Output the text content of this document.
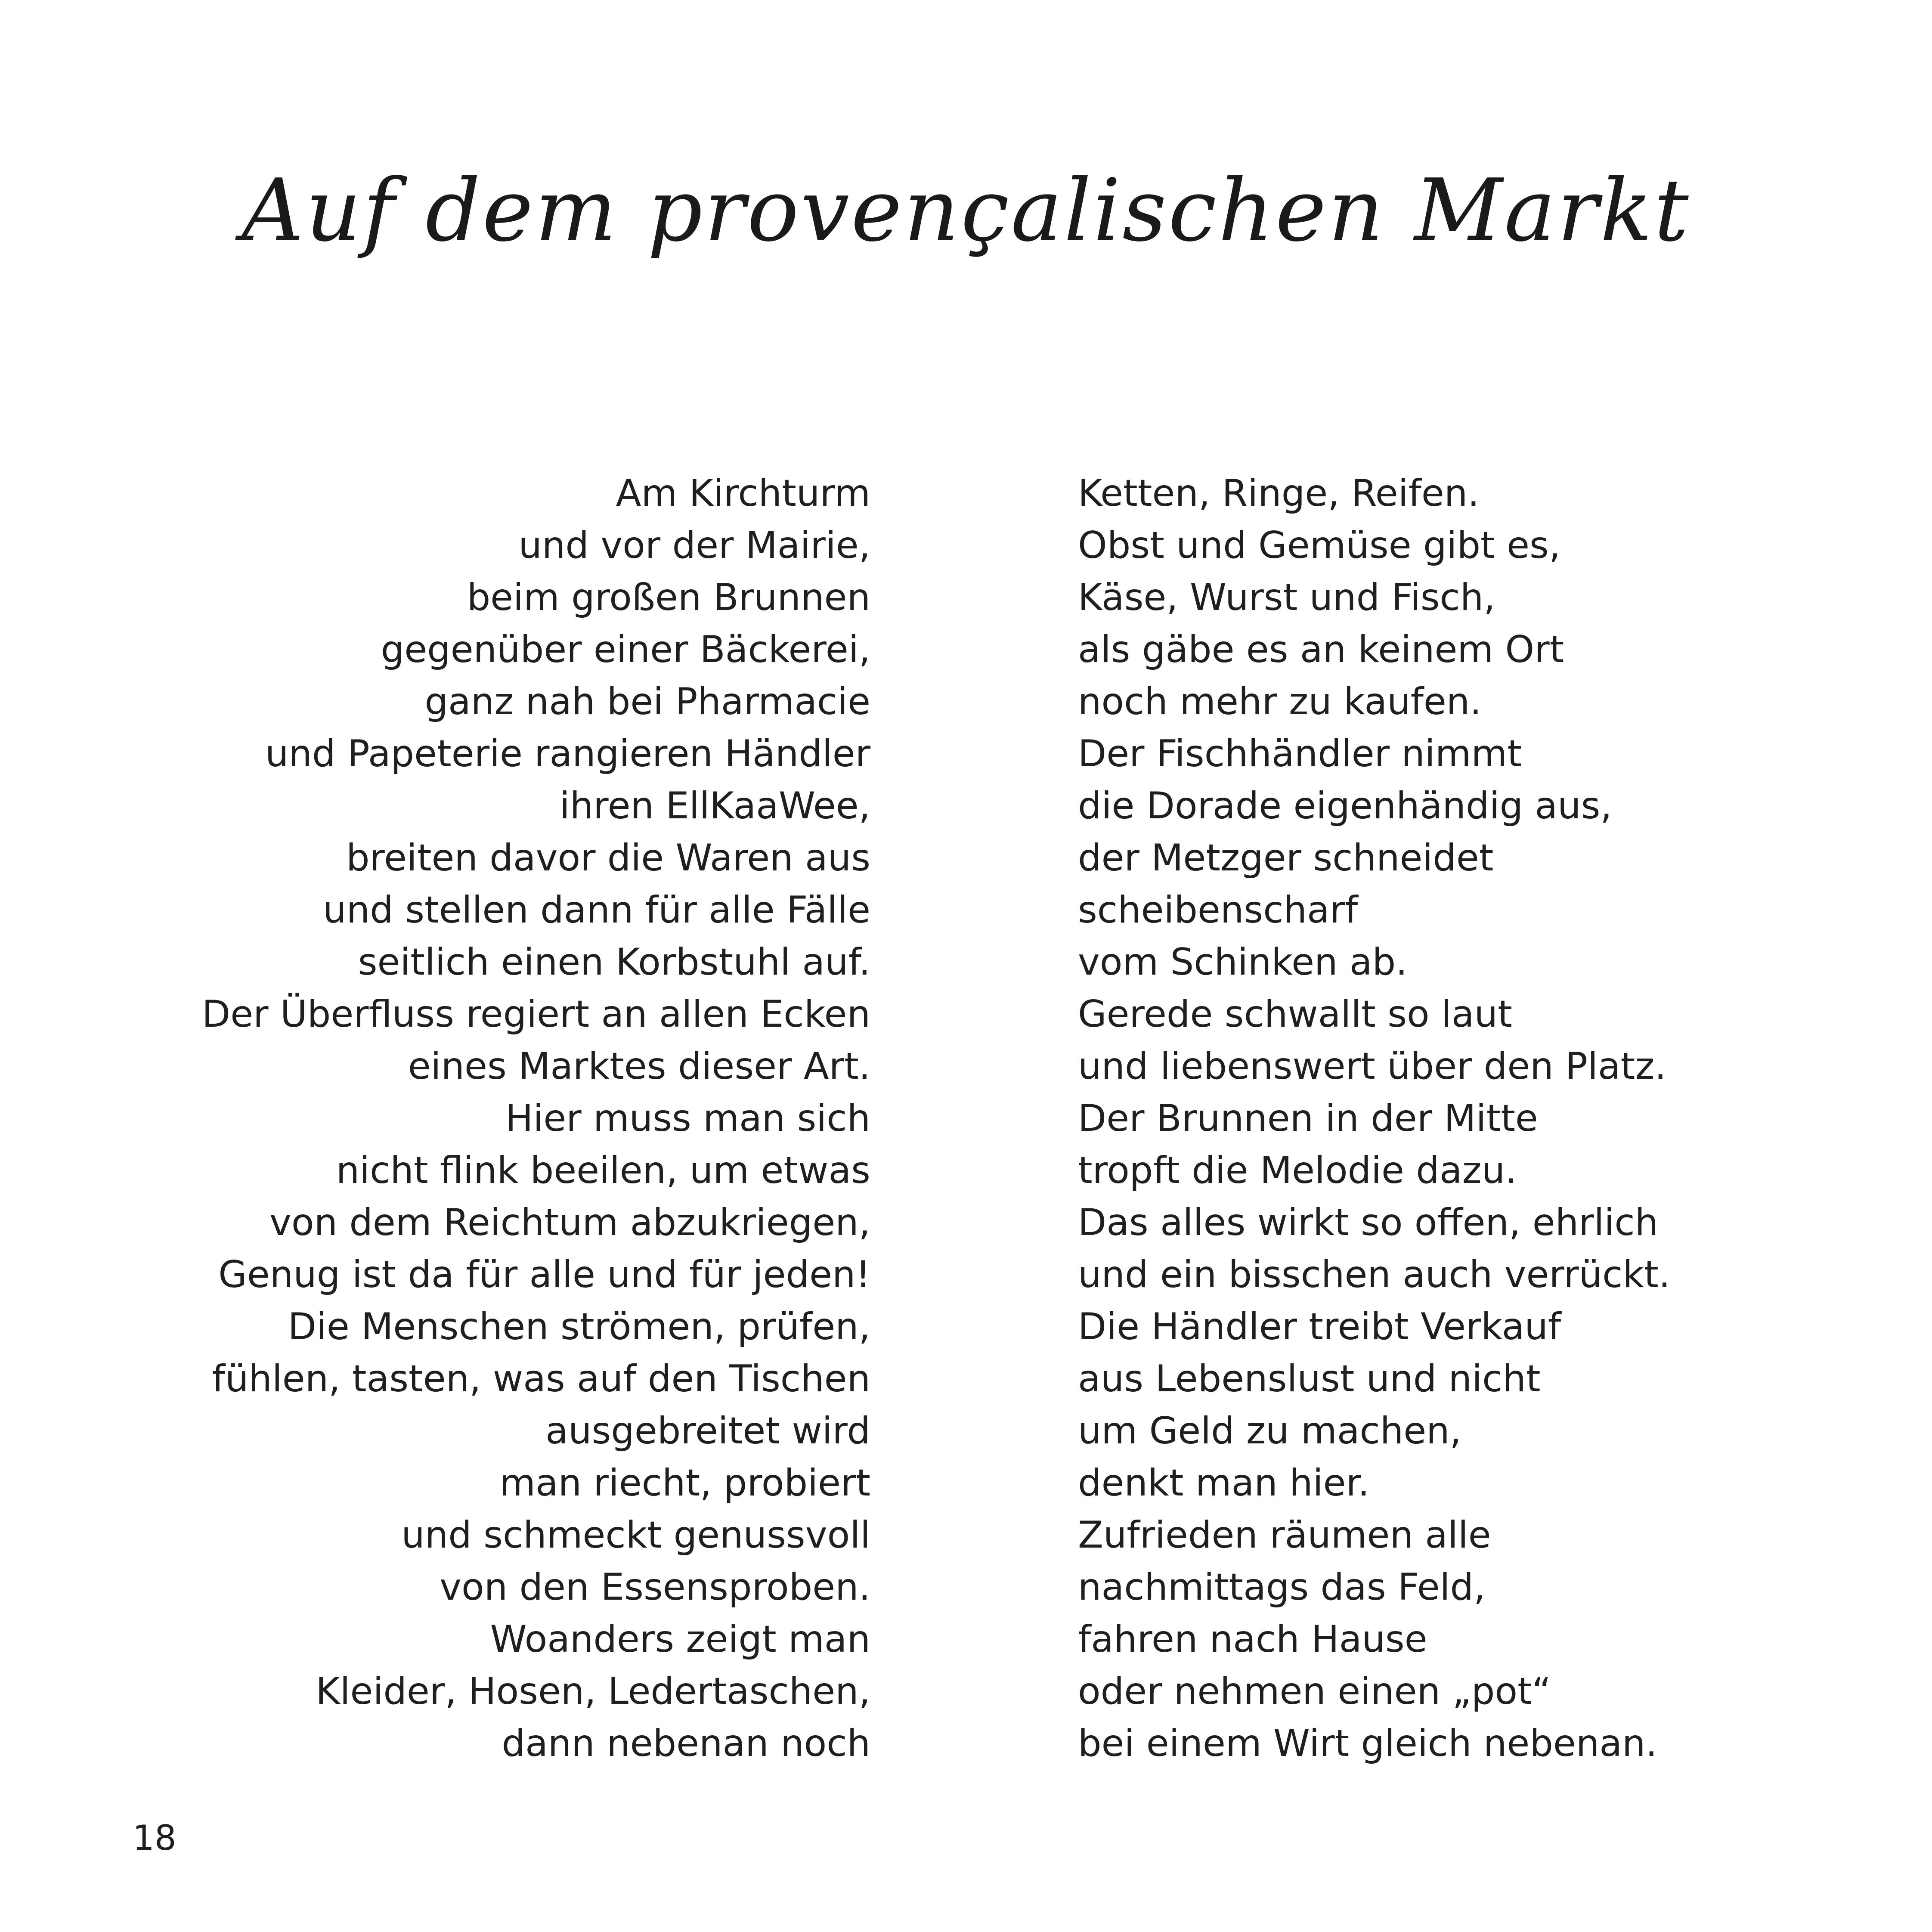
Auf dem provençalischen Markt
Am Kirchturm
und vor der Mairie,
beim großen Brunnen
gegenüber einer Bäckerei,
ganz nah bei Pharmacie
und Papeterie rangieren Händler
ihren EllKaaWee,
breiten davor die Waren aus
und stellen dann für alle Fälle
seitlich einen Korbstuhl auf.
Der Überfluss regiert an allen Ecken
eines Marktes dieser Art.
Hier muss man sich
nicht flink beeilen, um etwas
von dem Reichtum abzukriegen,
Genug ist da für alle und für jeden!
Die Menschen strömen, prüfen,
fühlen, tasten, was auf den Tischen
ausgebreitet wird
man riecht, probiert
und schmeckt genussvoll
von den Essensproben.
Woanders zeigt man
Kleider, Hosen, Ledertaschen,
dann nebenan noch
Ketten, Ringe, Reifen.
Obst und Gemüse gibt es,
Käse, Wurst und Fisch,
als gäbe es an keinem Ort
noch mehr zu kaufen.
Der Fischhändler nimmt
die Dorade eigenhändig aus,
der Metzger schneidet
scheibenscharf
vom Schinken ab.
Gerede schwallt so laut
und liebenswert über den Platz.
Der Brunnen in der Mitte
tropft die Melodie dazu.
Das alles wirkt so offen, ehrlich
und ein bisschen auch verrückt.
Die Händler treibt Verkauf
aus Lebenslust und nicht
um Geld zu machen,
denkt man hier.
Zufrieden räumen alle
nachmittags das Feld,
fahren nach Hause
oder nehmen einen „pot“
bei einem Wirt gleich nebenan.
18
